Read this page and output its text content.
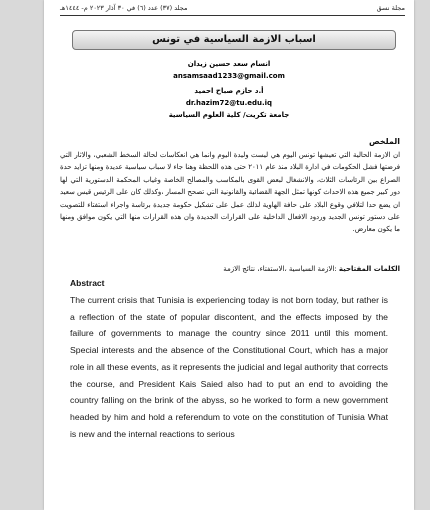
مجلة نسق
مجلد (٣٧) عدد (٦) في ٣٠ آذار ٢٠٢٣ م- ١٤٤٤هـ
اسباب الازمة السياسية في تونس
انسام سعد حسين زيدان
ansamsaad1233@gmail.com
أ.د حازم صباح احميد
dr.hazim72@tu.edu.iq
جامعة تكريت/ كلية العلوم السياسية
الملخص
ان الازمة الحالية التي تعيشها تونس اليوم هي ليست وليدة اليوم وانما هي انعكاسات لحالة السخط الشعبي، والاثار التي فرضتها فشل الحكومات في ادارة البلاد منذ عام ٢٠١١ حتى هذه اللحظة وهنا جاء لا سباب سياسية عديدة ومنها تزايد حدة الصراع بين الرئاسات الثلاث، والانشغال لبعض القوى بالمكاسب والمصالح الخاصة وغياب المحكمة الدستورية التي لها دور كبير جميع هذه الاحداث كونها تمثل الجهة القضائية والقانونية التي تصحح المسار ،وكذلك كان على الرئيس قيس سعيد ان يضع حدا لتلافي وقوع البلاد على حافة الهاوية لذلك عمل على تشكيل حكومة جديدة برئاسة واجراء استفتاء للتصويت على دستور تونس الجديد وردود الافعال الداخلية على القرارات الجديدة وان هذه القرارات منها التي يكون موافق ومنها ما يكون معارض.
الكلمات المفتاحية :الازمة السياسية ،الاستفتاء، نتائج الازمة
Abstract
The current crisis that Tunisia is experiencing today is not born today, but rather is a reflection of the state of popular discontent, and the effects imposed by the failure of governments to manage the country since 2011 until this moment. Special interests and the absence of the Constitutional Court, which has a major role in all these events, as it represents the judicial and legal authority that corrects the course, and President Kais Saied also had to put an end to avoiding the country falling on the brink of the abyss, so he worked to form a new government headed by him and hold a referendum to vote on the constitution of Tunisia What is new and the internal reactions to serious
